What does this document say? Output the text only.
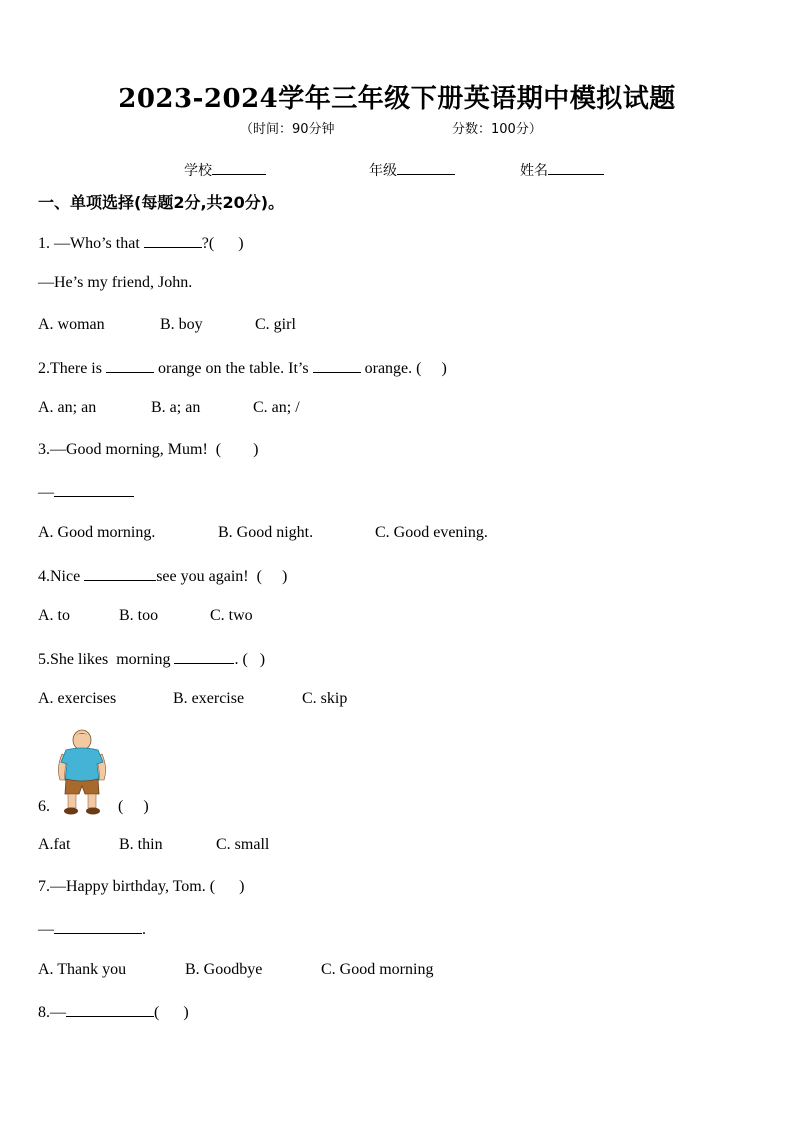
2023-2024学年三年级下册英语期中模拟试题
（时间：90分钟	分数：100分）
学校	年级	姓名
一、单项选择(每题2分,共20分)。
1. —Who’s that	?(      )
—He’s my friend, John.
A. woman	B. boy	C. girl
2.There is	orange on the table. It’s	orange. (     )
A. an; an	B. a; an	C. an; /
3.—Good morning, Mum!  (        )
—
A. Good morning.	B. Good night.	C. Good evening.
4.Nice	see you again!  (     )
A. to	B. too	C. two
5.She likes  morning	. (   )
A. exercises	B. exercise	C. skip
6.	(     )
A.fat	B. thin	C. small
7.—Happy birthday, Tom. (      )
—	.
A. Thank you	B. Goodbye	C. Good morning
8.—	(      )
